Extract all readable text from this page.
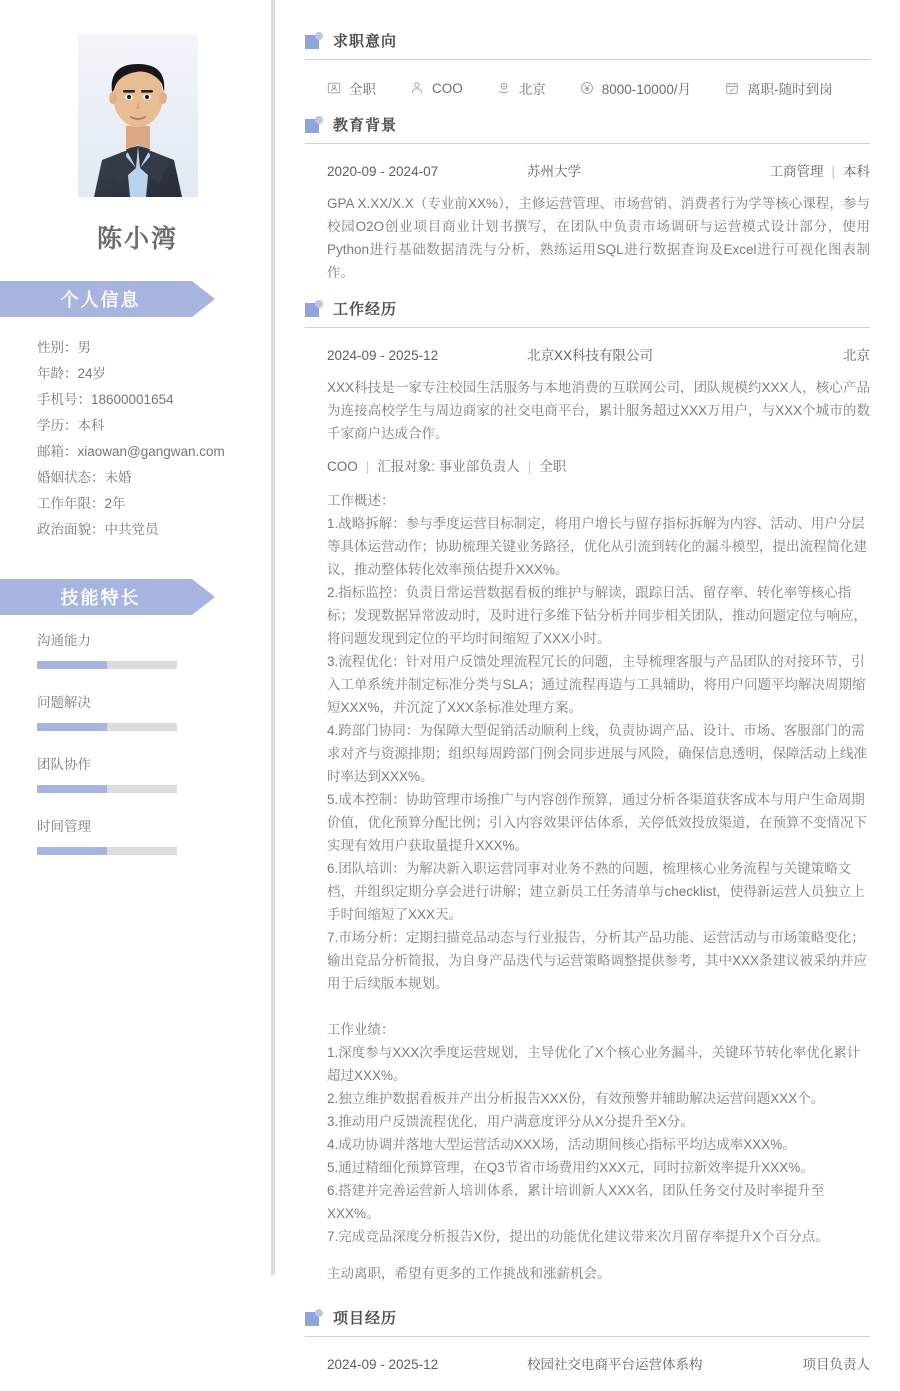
陈小湾
个人信息
性别：男
年龄：24岁
手机号：18600001654
学历：本科
邮箱：xiaowan@gangwan.com
婚姻状态：未婚
工作年限：2年
政治面貌：中共党员
技能特长
沟通能力
问题解决
团队协作
时间管理
求职意向
全职	COO	北京	8000-10000/月	离职-随时到岗
教育背景
2020-09 - 2024-07	苏州大学	工商管理 | 本科
GPA X.XX/X.X（专业前XX%），主修运营管理、市场营销、消费者行为学等核心课程，参与校园O2O创业项目商业计划书撰写，在团队中负责市场调研与运营模式设计部分，使用Python进行基础数据清洗与分析，熟练运用SQL进行数据查询及Excel进行可视化图表制作。
工作经历
2024-09 - 2025-12	北京XX科技有限公司	北京
XXX科技是一家专注校园生活服务与本地消费的互联网公司，团队规模约XXX人，核心产品为连接高校学生与周边商家的社交电商平台，累计服务超过XXX万用户，与XXX个城市的数千家商户达成合作。
COO | 汇报对象: 事业部负责人 | 全职

工作概述：

1.战略拆解：参与季度运营目标制定，将用户增长与留存指标拆解为内容、活动、用户分层等具体运营动作；协助梳理关键业务路径，优化从引流到转化的漏斗模型，提出流程简化建议，推动整体转化效率预估提升XXX%。

2.指标监控：负责日常运营数据看板的维护与解读，跟踪日活、留存率、转化率等核心指标；发现数据异常波动时，及时进行多维下钻分析并同步相关团队，推动问题定位与响应，将问题发现到定位的平均时间缩短了XXX小时。

3.流程优化：针对用户反馈处理流程冗长的问题，主导梳理客服与产品团队的对接环节，引入工单系统并制定标准分类与SLA；通过流程再造与工具辅助，将用户问题平均解决周期缩短XXX%，并沉淀了XXX条标准处理方案。

4.跨部门协同：为保障大型促销活动顺利上线，负责协调产品、设计、市场、客服部门的需求对齐与资源排期；组织每周跨部门例会同步进展与风险，确保信息透明，保障活动上线准时率达到XXX%。

5.成本控制：协助管理市场推广与内容创作预算，通过分析各渠道获客成本与用户生命周期价值，优化预算分配比例；引入内容效果评估体系，关停低效投放渠道，在预算不变情况下实现有效用户获取量提升XXX%。

6.团队培训：为解决新入职运营同事对业务不熟的问题，梳理核心业务流程与关键策略文档，并组织定期分享会进行讲解；建立新员工任务清单与checklist，使得新运营人员独立上手时间缩短了XXX天。

7.市场分析：定期扫描竞品动态与行业报告，分析其产品功能、运营活动与市场策略变化；输出竞品分析简报，为自身产品迭代与运营策略调整提供参考，其中XXX条建议被采纳并应用于后续版本规划。

工作业绩：

1.深度参与XXX次季度运营规划，主导优化了X个核心业务漏斗，关键环节转化率优化累计超过XXX%。

2.独立维护数据看板并产出分析报告XXX份，有效预警并辅助解决运营问题XXX个。

3.推动用户反馈流程优化，用户满意度评分从X分提升至X分。

4.成功协调并落地大型运营活动XXX场，活动期间核心指标平均达成率XXX%。

5.通过精细化预算管理，在Q3节省市场费用约XXX元，同时拉新效率提升XXX%。

6.搭建并完善运营新人培训体系，累计培训新人XXX名，团队任务交付及时率提升至XXX%。

7.完成竞品深度分析报告X份，提出的功能优化建议带来次月留存率提升X个百分点。

主动离职，希望有更多的工作挑战和涨薪机会。

项目经历
2024-09 - 2025-12	校园社交电商平台运营体系构	项目负责人
